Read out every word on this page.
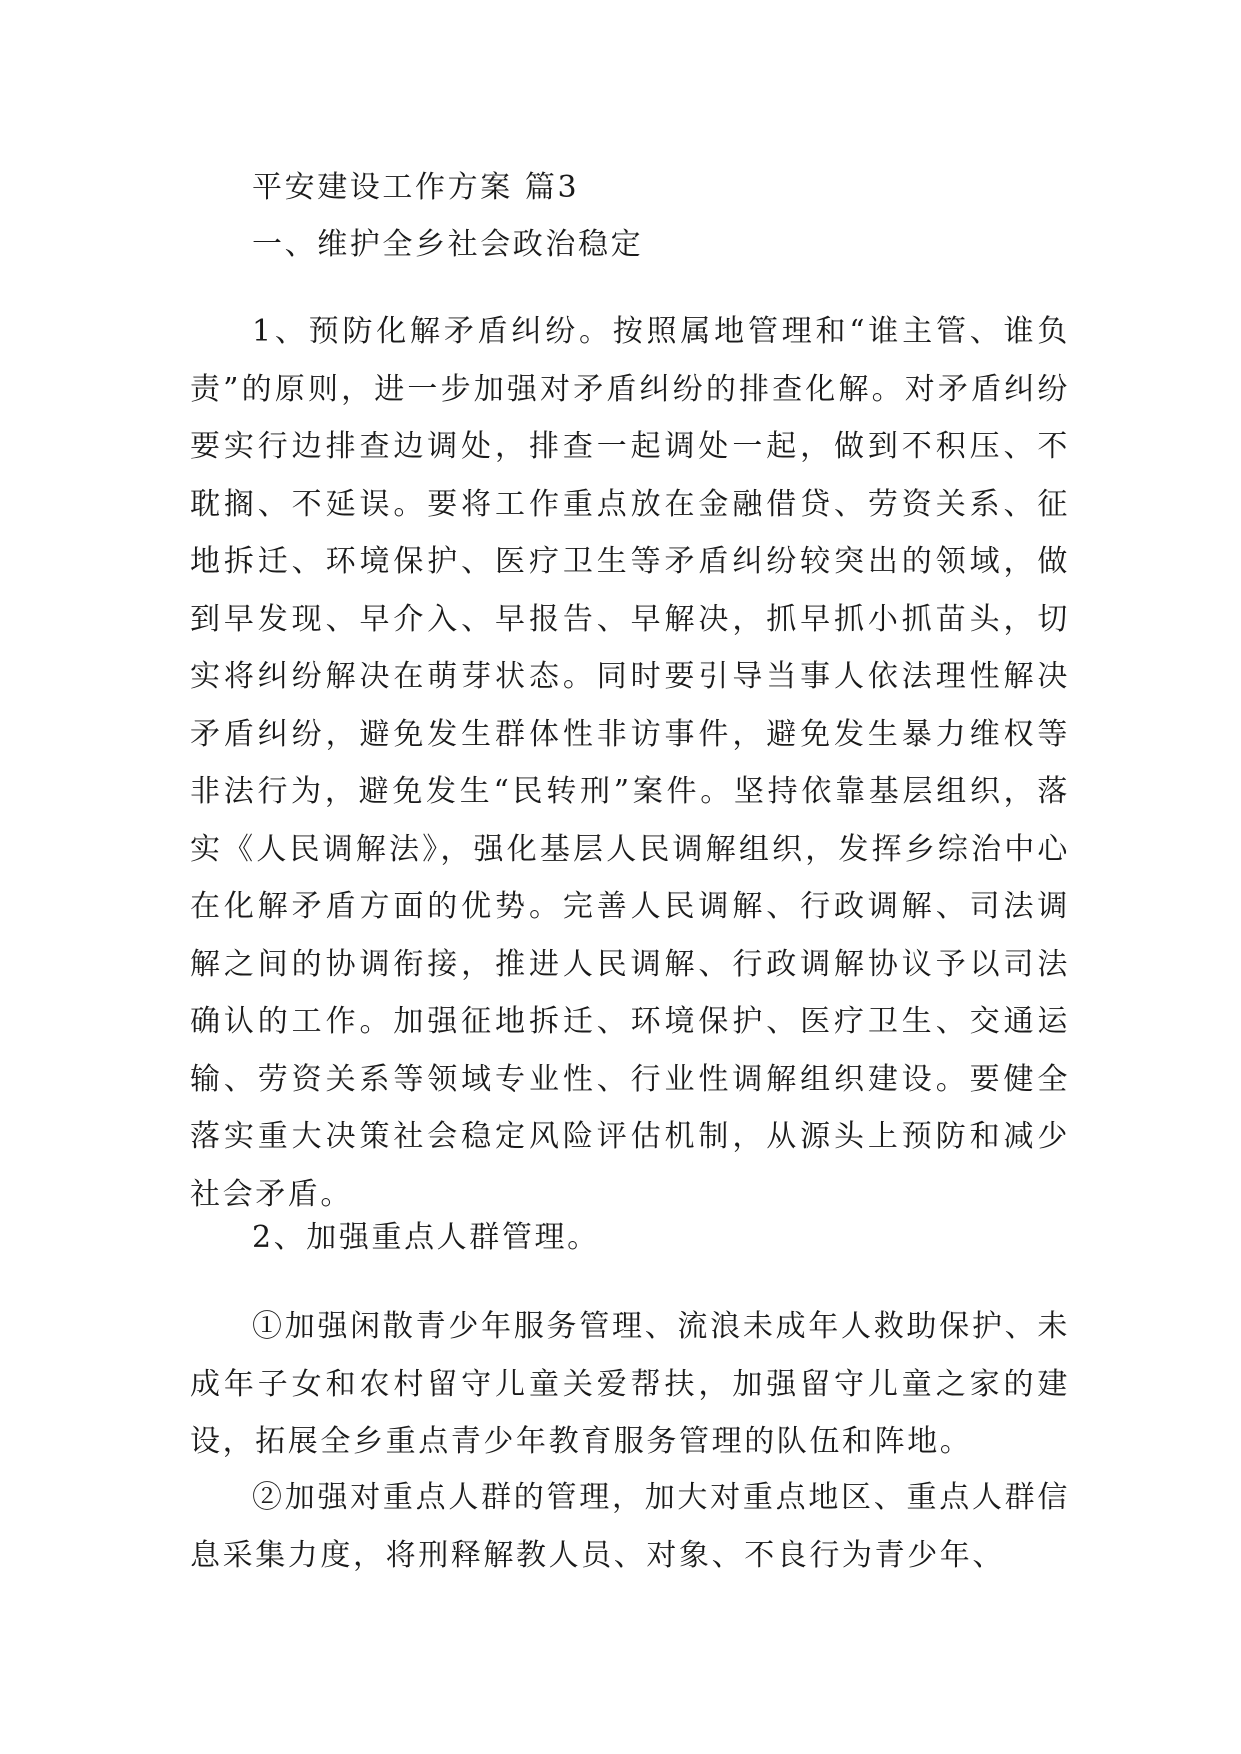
平安建设工作方案 篇3

一、维护全乡社会政治稳定

1、预防化解矛盾纠纷。按照属地管理和“谁主管、谁负责”的原则，进一步加强对矛盾纠纷的排查化解。对矛盾纠纷要实行边排查边调处，排查一起调处一起，做到不积压、不耽搁、不延误。要将工作重点放在金融借贷、劳资关系、征地拆迁、环境保护、医疗卫生等矛盾纠纷较突出的领域，做到早发现、早介入、早报告、早解决，抓早抓小抓苗头，切实将纠纷解决在萌芽状态。同时要引导当事人依法理性解决矛盾纠纷，避免发生群体性非访事件，避免发生暴力维权等非法行为，避免发生“民转刑”案件。坚持依靠基层组织，落实《人民调解法》，强化基层人民调解组织，发挥乡综治中心在化解矛盾方面的优势。完善人民调解、行政调解、司法调解之间的协调衔接，推进人民调解、行政调解协议予以司法确认的工作。加强征地拆迁、环境保护、医疗卫生、交通运输、劳资关系等领域专业性、行业性调解组织建设。要健全落实重大决策社会稳定风险评估机制，从源头上预防和减少社会矛盾。

2、加强重点人群管理。

①加强闲散青少年服务管理、流浪未成年人救助保护、未成年子女和农村留守儿童关爱帮扶，加强留守儿童之家的建设，拓展全乡重点青少年教育服务管理的队伍和阵地。

②加强对重点人群的管理，加大对重点地区、重点人群信息采集力度，将刑释解教人员、对象、不良行为青少年、
